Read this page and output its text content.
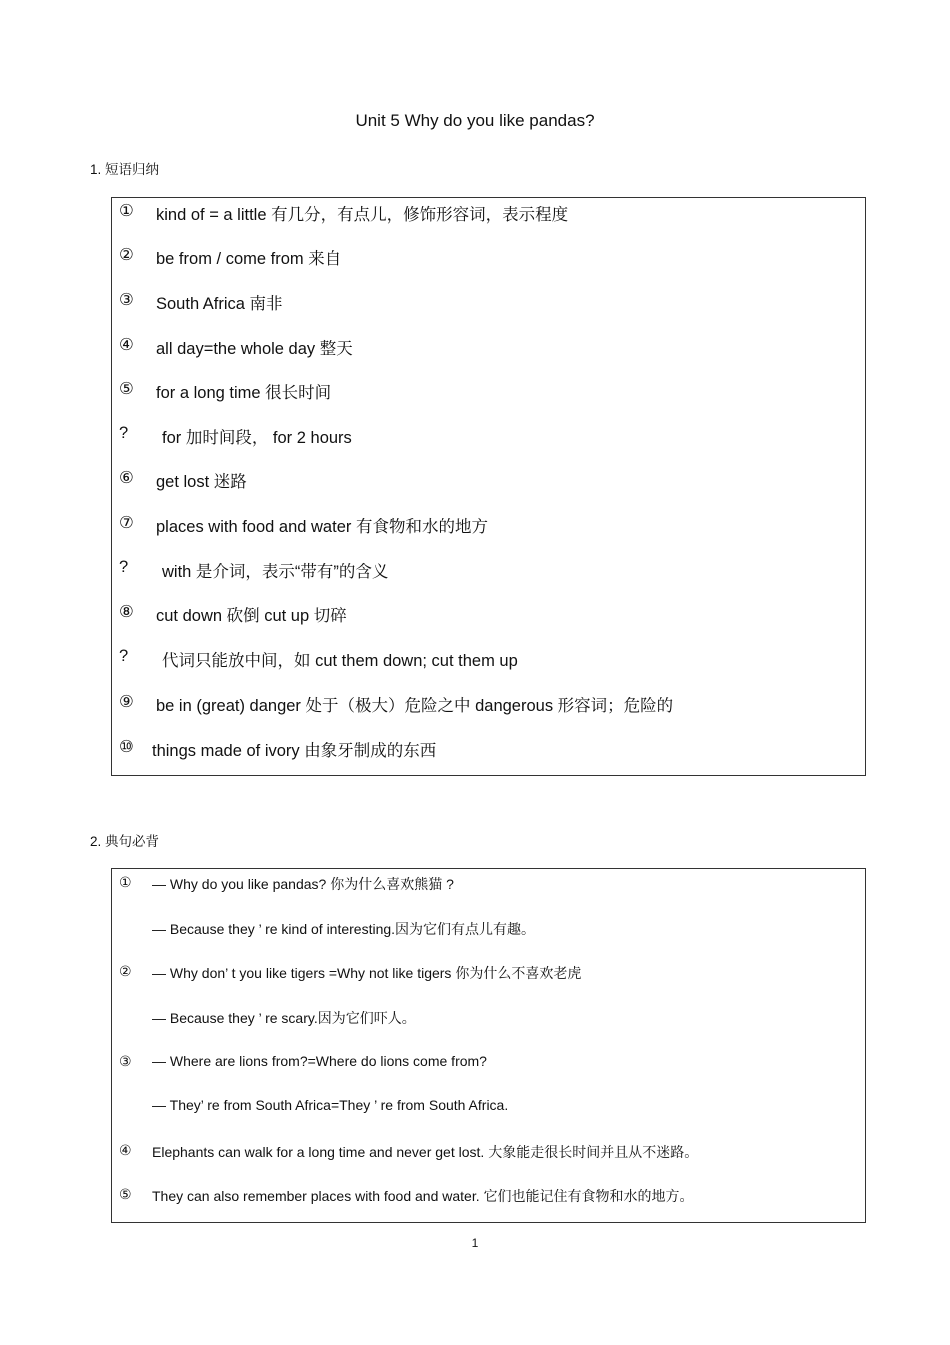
Unit 5 Why do you like pandas?
1. 短语归纳
① kind of = a little 有几分，有点儿，修饰形容词，表示程度
② be from / come from 来自
③ South Africa 南非
④ all day=the whole day 整天
⑤ for a long time 很长时间
? for 加时间段， for 2 hours
⑥ get lost 迷路
⑦ places with food and water 有食物和水的地方
? with 是介词，表示“带有”的含义
⑧ cut down 砍倒 cut up 切碎
? 代词只能放中间，如 cut them down; cut them up
⑨ be in (great) danger 处于（极大）危险之中 dangerous 形容词；危险的
⑩ things made of ivory 由象牙制成的东西
2. 典句必背
① — Why do you like pandas? 你为什么喜欢熊猫 ?
— Because they ’ re kind of interesting.因为它们有点儿有趣。
② — Why don’ t you like tigers =Why not like tigers 你为什么不喜欢老虎
— Because they ’ re scary.因为它们吓人。
③ — Where are lions from?=Where do lions come from?
— They’ re from South Africa=They ’ re from South Africa.
④ Elephants can walk for a long time and never get lost. 大象能走很长时间并且从不迷路。
⑤ They can also remember places with food and water. 它们也能记住有食物和水的地方。
1
